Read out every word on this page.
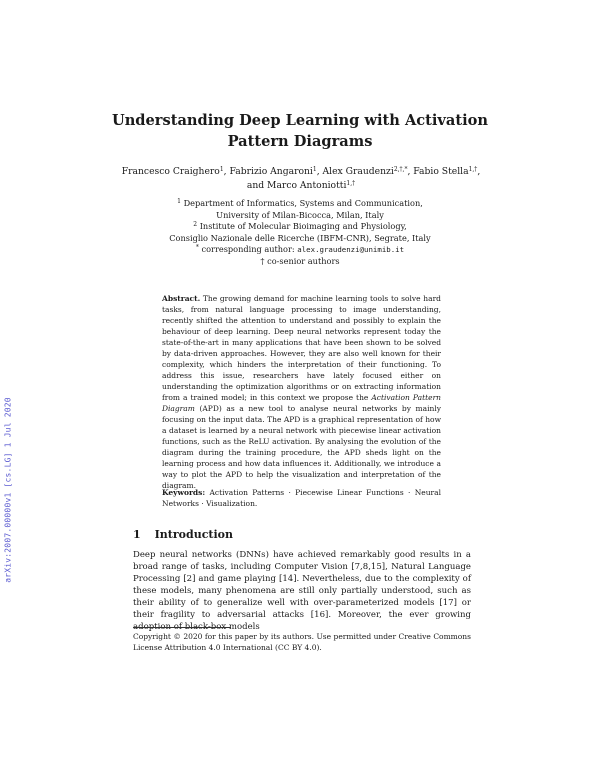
arXiv:2007.00000v1 [cs.LG] 1 Jul 2020
Understanding Deep Learning with Activation Pattern Diagrams
Francesco Craighero$^1$, Fabrizio Angaroni$^1$, Alex Graudenzi$^{2,\dagger,*}$, Fabio Stella$^{1,\dagger}$,
and Marco Antoniotti$^{1,\dagger}$
$^1$ Department of Informatics, Systems and Communication,
University of Milan-Bicocca, Milan, Italy
$^2$ Institute of Molecular Bioimaging and Physiology,
Consiglio Nazionale delle Ricerche (IBFM-CNR), Segrate, Italy
* corresponding author: alex.graudenzi@unimib.it
† co-senior authors
Abstract. The growing demand for machine learning tools to solve hard tasks, from natural language processing to image understanding, recently shifted the attention to understand and possibly to explain the behaviour of deep learning. Deep neural networks represent today the state-of-the-art in many applications that have been shown to be solved by data-driven approaches. However, they are also well known for their complexity, which hinders the interpretation of their functioning. To address this issue, researchers have lately focused either on understanding the optimization algorithms or on extracting information from a trained model; in this context we propose the Activation Pattern Diagram (APD) as a new tool to analyse neural networks by mainly focusing on the input data. The APD is a graphical representation of how a dataset is learned by a neural network with piecewise linear activation functions, such as the ReLU activation. By analysing the evolution of the diagram during the training procedure, the APD sheds light on the learning process and how data influences it. Additionally, we introduce a way to plot the APD to help the visualization and interpretation of the diagram.
Keywords: Activation Patterns · Piecewise Linear Functions · Neural Networks · Visualization.
1 Introduction
Deep neural networks (DNNs) have achieved remarkably good results in a broad range of tasks, including Computer Vision [7,8,15], Natural Language Processing [2] and game playing [14]. Nevertheless, due to the complexity of these models, many phenomena are still only partially understood, such as their ability of to generalize well with over-parameterized models [17] or their fragility to adversarial attacks [16]. Moreover, the ever growing adoption of black-box models
Copyright © 2020 for this paper by its authors. Use permitted under Creative Commons License Attribution 4.0 International (CC BY 4.0).
